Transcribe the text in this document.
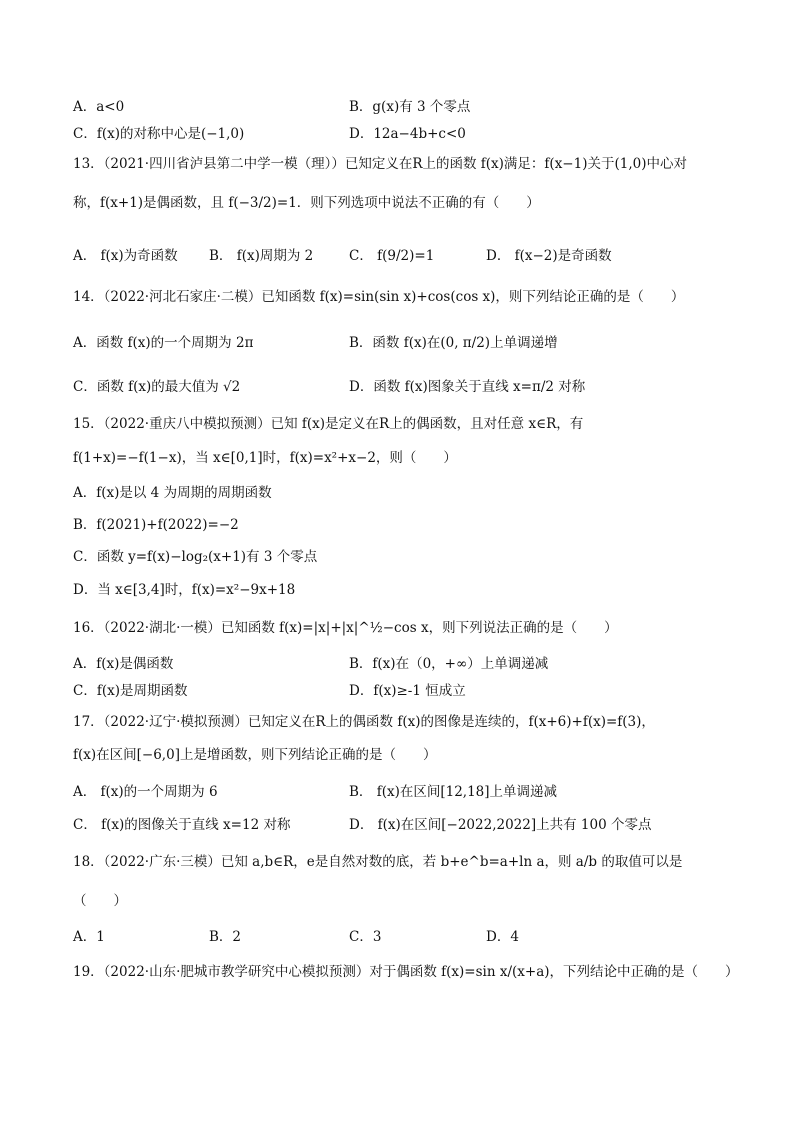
A．a<0	B．g(x)有 3 个零点
C．f(x)的对称中心是(−1,0)	D．12a−4b+c<0
13．（2021·四川省泸县第二中学一模（理））已知定义在R上的函数 f(x)满足：f(x−1)关于(1,0)中心对
称，f(x+1)是偶函数，且 f(−3/2)=1．则下列选项中说法不正确的有（　　）
A． f(x)为奇函数 B． f(x)周期为 2	C． f(9/2)=1	D． f(x−2)是奇函数
14．（2022·河北石家庄·二模）已知函数 f(x)=sin(sin x)+cos(cos x)，则下列结论正确的是（　　）
A．函数 f(x)的一个周期为 2π	B．函数 f(x)在(0, π/2)上单调递增
C．函数 f(x)的最大值为 √2	D．函数 f(x)图象关于直线 x=π/2 对称
15．（2022·重庆八中模拟预测）已知 f(x)是定义在R上的偶函数，且对任意 x∈R，有
f(1+x)=−f(1−x)，当 x∈[0,1]时，f(x)=x²+x−2，则（　　）
A．f(x)是以 4 为周期的周期函数
B．f(2021)+f(2022)=−2
C．函数 y=f(x)−log₂(x+1)有 3 个零点
D．当 x∈[3,4]时，f(x)=x²−9x+18
16．（2022·湖北·一模）已知函数 f(x)=|x|+|x|^½−cos x，则下列说法正确的是（　　）
A．f(x)是偶函数	B．f(x)在（0，+∞）上单调递减
C．f(x)是周期函数	D．f(x)≥-1 恒成立
17．（2022·辽宁·模拟预测）已知定义在R上的偶函数 f(x)的图像是连续的，f(x+6)+f(x)=f(3)，
f(x)在区间[−6,0]上是增函数，则下列结论正确的是（　　）
A． f(x)的一个周期为 6	B． f(x)在区间[12,18]上单调递减
C． f(x)的图像关于直线 x=12 对称	D． f(x)在区间[−2022,2022]上共有 100 个零点
18．（2022·广东·三模）已知 a,b∈R，e是自然对数的底，若 b+e^b=a+ln a，则 a/b 的取值可以是
（　　）
A．1	B．2	C．3	D．4
19．（2022·山东·肥城市教学研究中心模拟预测）对于偶函数 f(x)=sin x/(x+a)，下列结论中正确的是（　　）
